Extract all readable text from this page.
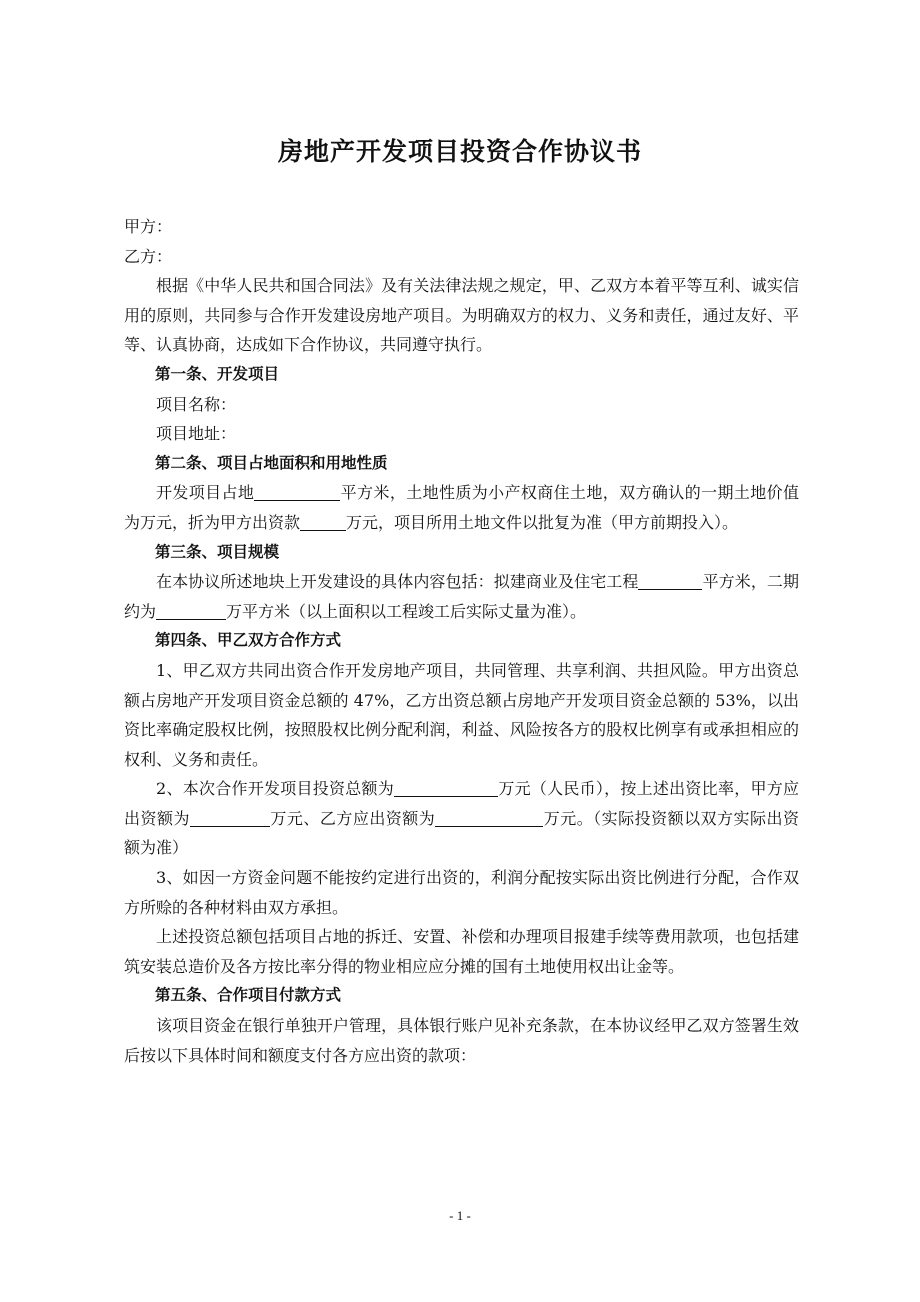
房地产开发项目投资合作协议书

甲方：

乙方：

根据《中华人民共和国合同法》及有关法律法规之规定，甲、乙双方本着平等互利、诚实信用的原则，共同参与合作开发建设房地产项目。为明确双方的权力、义务和责任，通过友好、平等、认真协商，达成如下合作协议，共同遵守执行。

第一条、开发项目

项目名称：

项目地址：

第二条、项目占地面积和用地性质

开发项目占地	平方米，土地性质为小产权商住土地，双方确认的一期土地价值为万元，折为甲方出资款	万元，项目所用土地文件以批复为准（甲方前期投入）。

第三条、项目规模

在本协议所述地块上开发建设的具体内容包括：拟建商业及住宅工程	平方米，二期约为	万平方米（以上面积以工程竣工后实际丈量为准）。

第四条、甲乙双方合作方式

1、甲乙双方共同出资合作开发房地产项目，共同管理、共享利润、共担风险。甲方出资总额占房地产开发项目资金总额的 47%，乙方出资总额占房地产开发项目资金总额的 53%，以出资比率确定股权比例，按照股权比例分配利润，利益、风险按各方的股权比例享有或承担相应的权利、义务和责任。

2、本次合作开发项目投资总额为	万元（人民币），按上述出资比率，甲方应出资额为	万元、乙方应出资额为	万元。（实际投资额以双方实际出资额为准）

3、如因一方资金问题不能按约定进行出资的，利润分配按实际出资比例进行分配，合作双方所赊的各种材料由双方承担。

上述投资总额包括项目占地的拆迁、安置、补偿和办理项目报建手续等费用款项，也包括建筑安装总造价及各方按比率分得的物业相应应分摊的国有土地使用权出让金等。

第五条、合作项目付款方式

该项目资金在银行单独开户管理，具体银行账户见补充条款，在本协议经甲乙双方签署生效后按以下具体时间和额度支付各方应出资的款项：

- 1 -
